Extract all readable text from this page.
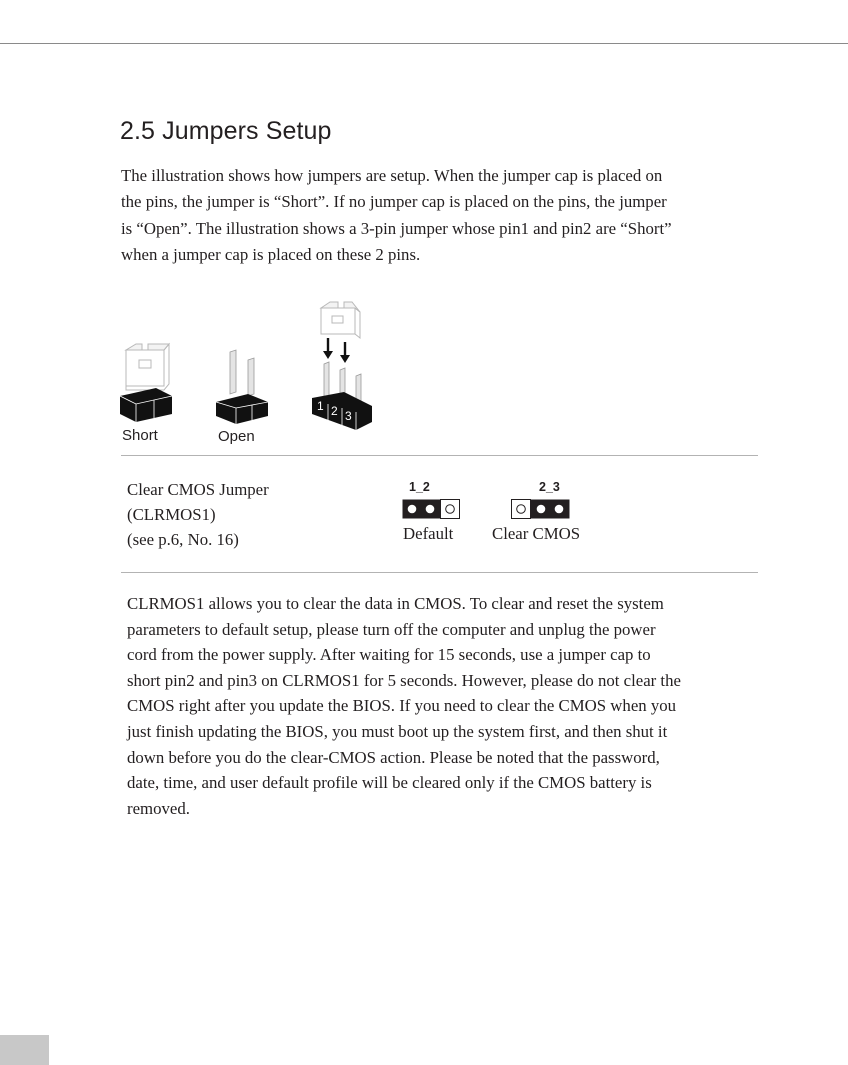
2.5 Jumpers Setup

The illustration shows how jumpers are setup. When the jumper cap is placed on
the pins, the jumper is “Short”. If no jumper cap is placed on the pins, the jumper
is “Open”. The illustration shows a 3-pin jumper whose pin1 and pin2 are “Short”
when a jumper cap is placed on these 2 pins.

1 2 3
Short	Open
Clear CMOS Jumper
(CLRMOS1)
(see p.6, No. 16)
1_2
Default
2_3
Clear CMOS

CLRMOS1 allows you to clear the data in CMOS. To clear and reset the system
parameters to default setup, please turn off the computer and unplug the power
cord from the power supply. After waiting for 15 seconds, use a jumper cap to
short pin2 and pin3 on CLRMOS1 for 5 seconds. However, please do not clear the
CMOS right after you update the BIOS. If you need to clear the CMOS when you
just finish updating the BIOS, you must boot up the system first, and then shut it
down before you do the clear-CMOS action. Please be noted that the password,
date, time, and user default profile will be cleared only if the CMOS battery is
removed.
